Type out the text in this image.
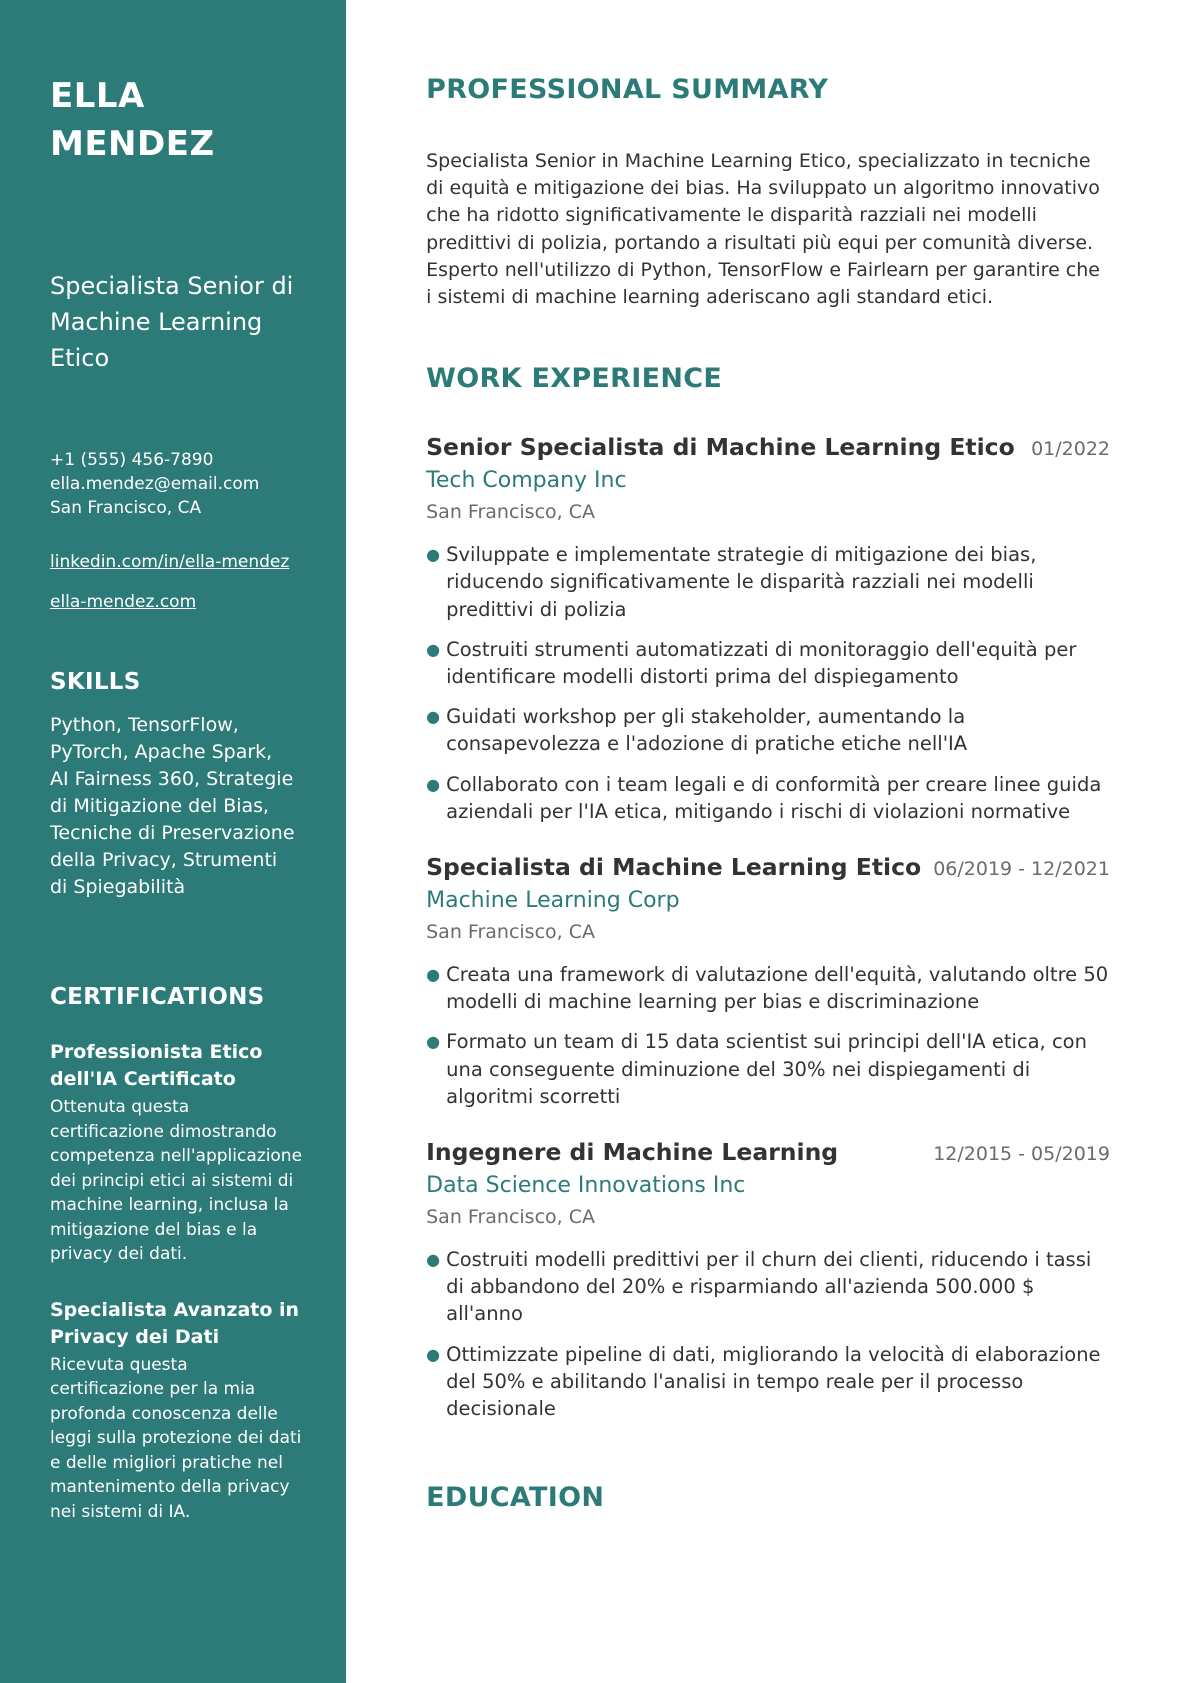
ELLA MENDEZ
Specialista Senior di Machine Learning Etico
+1 (555) 456-7890
ella.mendez@email.com
San Francisco, CA
linkedin.com/in/ella-mendez
ella-mendez.com
SKILLS

Python, TensorFlow, PyTorch, Apache Spark, AI Fairness 360, Strategie di Mitigazione del Bias, Tecniche di Preservazione della Privacy, Strumenti di Spiegabilità

CERTIFICATIONS
Professionista Etico dell'IA Certificato
Ottenuta questa certificazione dimostrando competenza nell'applicazione dei principi etici ai sistemi di machine learning, inclusa la mitigazione del bias e la privacy dei dati.
Specialista Avanzato in Privacy dei Dati
Ricevuta questa certificazione per la mia profonda conoscenza delle leggi sulla protezione dei dati e delle migliori pratiche nel mantenimento della privacy nei sistemi di IA.
PROFESSIONAL SUMMARY

Specialista Senior in Machine Learning Etico, specializzato in tecniche di equità e mitigazione dei bias. Ha sviluppato un algoritmo innovativo che ha ridotto significativamente le disparità razziali nei modelli predittivi di polizia, portando a risultati più equi per comunità diverse. Esperto nell'utilizzo di Python, TensorFlow e Fairlearn per garantire che i sistemi di machine learning aderiscano agli standard etici.

WORK EXPERIENCE
Senior Specialista di Machine Learning Etico 01/2022
Tech Company Inc
San Francisco, CA
● Sviluppate e implementate strategie di mitigazione dei bias, riducendo significativamente le disparità razziali nei modelli predittivi di polizia
● Costruiti strumenti automatizzati di monitoraggio dell'equità per identificare modelli distorti prima del dispiegamento
● Guidati workshop per gli stakeholder, aumentando la consapevolezza e l'adozione di pratiche etiche nell'IA
● Collaborato con i team legali e di conformità per creare linee guida aziendali per l'IA etica, mitigando i rischi di violazioni normative
Specialista di Machine Learning Etico 06/2019 - 12/2021
Machine Learning Corp
San Francisco, CA
● Creata una framework di valutazione dell'equità, valutando oltre 50 modelli di machine learning per bias e discriminazione
● Formato un team di 15 data scientist sui principi dell'IA etica, con una conseguente diminuzione del 30% nei dispiegamenti di algoritmi scorretti
Ingegnere di Machine Learning	12/2015 - 05/2019
Data Science Innovations Inc
San Francisco, CA
● Costruiti modelli predittivi per il churn dei clienti, riducendo i tassi di abbandono del 20% e risparmiando all'azienda 500.000 $ all'anno
● Ottimizzate pipeline di dati, migliorando la velocità di elaborazione del 50% e abilitando l'analisi in tempo reale per il processo decisionale
EDUCATION
